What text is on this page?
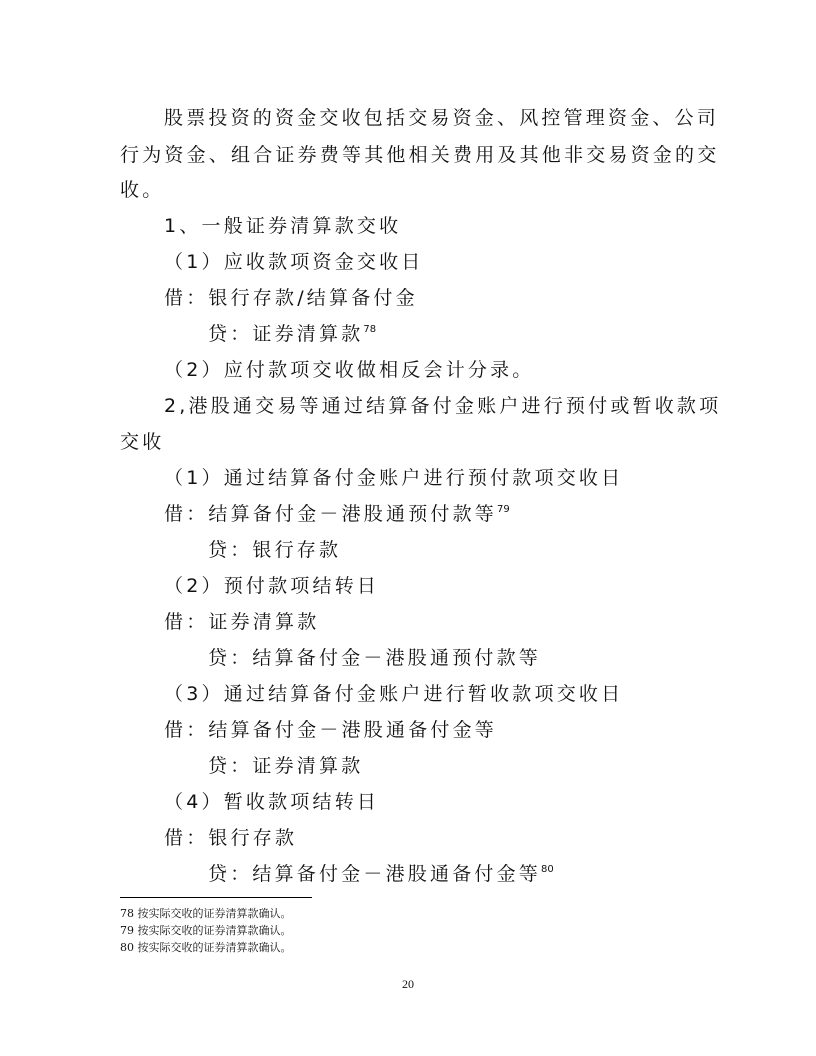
股票投资的资金交收包括交易资金、风控管理资金、公司
行为资金、组合证券费等其他相关费用及其他非交易资金的交
收。
1、一般证券清算款交收
（1）应收款项资金交收日
借：银行存款/结算备付金
贷：证券清算款$^{78}$
（2）应付款项交收做相反会计分录。
2,港股通交易等通过结算备付金账户进行预付或暂收款项
交收
（1）通过结算备付金账户进行预付款项交收日
借：结算备付金－港股通预付款等$^{79}$
贷：银行存款
（2）预付款项结转日
借：证券清算款
贷：结算备付金－港股通预付款等
（3）通过结算备付金账户进行暂收款项交收日
借：结算备付金－港股通备付金等
贷：证券清算款
（4）暂收款项结转日
借：银行存款
贷：结算备付金－港股通备付金等$^{80}$
78 按实际交收的证券清算款确认。
79 按实际交收的证券清算款确认。
80 按实际交收的证券清算款确认。
20
